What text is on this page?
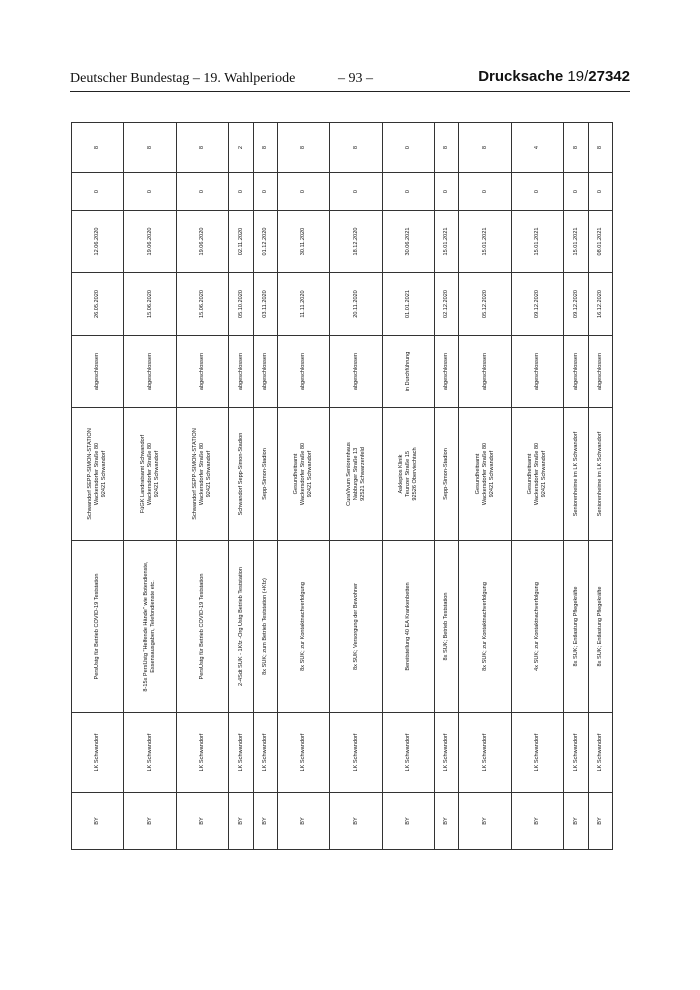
Deutscher Bundestag – 19. Wahlperiode	– 93 –	Drucksache 19/27342
BY	LK Schwandorf	PersUstg für Betrieb COVID-19 Teststation	Schwandorf SEPP-SIMON-STATION Wackersdorfer Straße 80 92421 Schwandorf	abgeschlossen	26.05.2020	12.06.2020	0	8
BY	LK Schwandorf	8-15x PersUstg "Helfende Hände" wie Botendienste, Essensausgaben, Telefondienste etc.	FüGK Landratsamt Schwandorf Wackersdorfer Straße 80 92421 Schwandorf	abgeschlossen	15.06.2020	19.06.2020	0	8
BY	LK Schwandorf	PersUstg für Betrieb COVID-19 Teststation	Schwandorf SEPP-SIMON-STATION Wackersdorfer Straße 80 92421 Schwandorf	abgeschlossen	15.06.2020	19.06.2020	0	8
BY	LK Schwandorf	2-4Sdt SUK - 1Kfz -Org Ustg Betrieb Teststation	Schwandorf Sepp-Simon-Stadion	abgeschlossen	05.10.2020	02.11.2020	0	2
BY	LK Schwandorf	8x SUK; zum Betrieb Teststation (+Kfz)	Sepp-Simon-Stadion	abgeschlossen	03.11.2020	01.12.2020	0	8
BY	LK Schwandorf	8x SUK; zur Kontaktnachverfolgung	Gesundheitsamt Wackersdorfer Straße 80 92421 Schwandorf	abgeschlossen	11.11.2020	30.11.2020	0	8
BY	LK Schwandorf	8x SUK; Versorgung der Bewohner	CuraVivum Seniorenhaus Nabburger Straße 13 92521 Schwarzenfeld	abgeschlossen	20.11.2020	18.12.2020	0	8
BY	LK Schwandorf	Bereitstellung 40 EA Krankenbetten	Asklepios Klinik Teunzer Straße 15 92526 Oberviechtach	in Durchführung	01.01.2021	30.06.2021	0	0
BY	LK Schwandorf	8x SUK; Betrieb Teststation	Sepp-Simon-Stadion	abgeschlossen	02.12.2020	15.01.2021	0	8
BY	LK Schwandorf	8x SUK; zur Kontaktnachverfolgung	Gesundheitsamt Wackersdorfer Straße 80 92421 Schwandorf	abgeschlossen	05.12.2020	15.01.2021	0	8
BY	LK Schwandorf	4x SUK; zur Kontaktnachverfolgung	Gesundheitsamt Wackersdorfer Straße 80 92421 Schwandorf	abgeschlossen	09.12.2020	15.01.2021	0	4
BY	LK Schwandorf	8x SUK; Entlastung Pflegekräfte	Seniorenheime im LK Schwandorf	abgeschlossen	09.12.2020	15.01.2021	0	8
BY	LK Schwandorf	8x SUK; Entlastung Pflegekräfte	Seniorenheime im LK Schwandorf	abgeschlossen	16.12.2020	08.01.2021	0	8
